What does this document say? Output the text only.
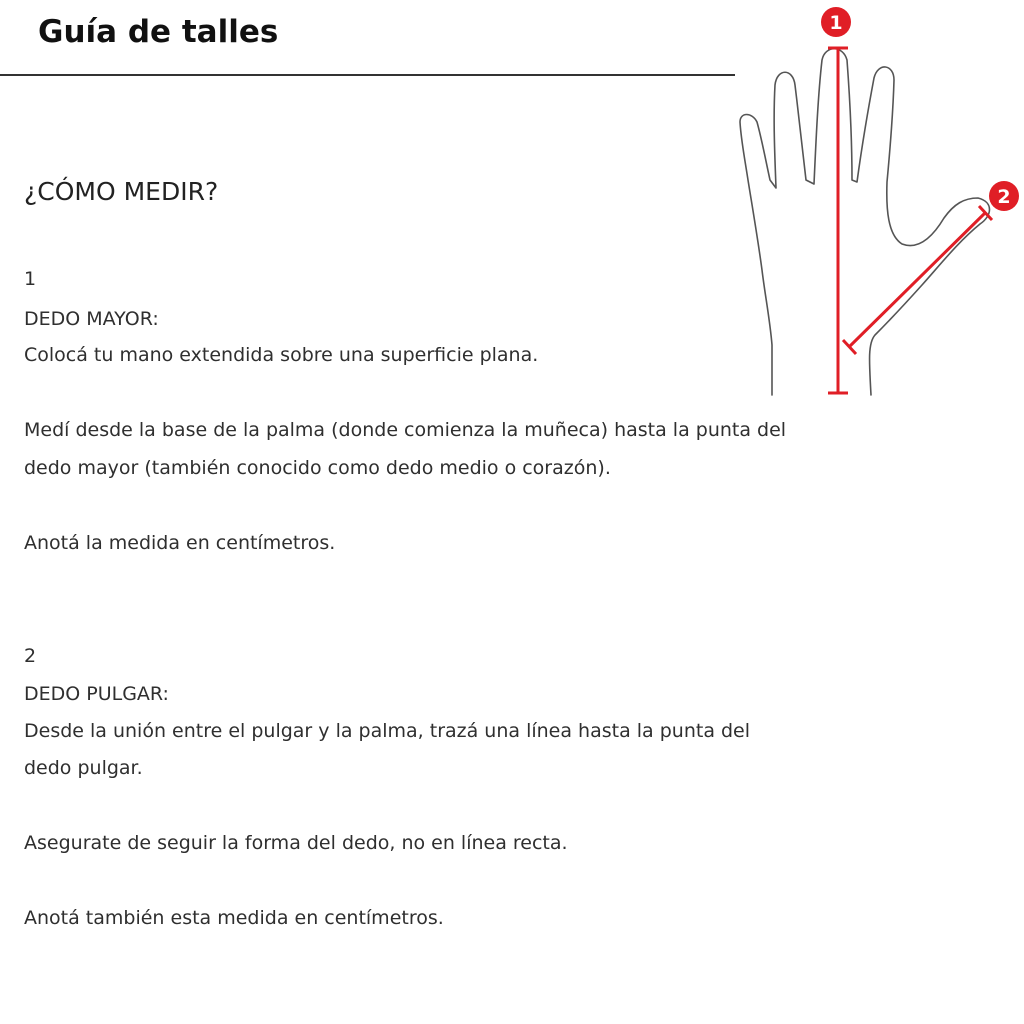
Guía de talles
¿CÓMO MEDIR?

1

DEDO MAYOR:

Colocá tu mano extendida sobre una superficie plana.

Medí desde la base de la palma (donde comienza la muñeca) hasta la punta del

dedo mayor (también conocido como dedo medio o corazón).

Anotá la medida en centímetros.

2

DEDO PULGAR:

Desde la unión entre el pulgar y la palma, trazá una línea hasta la punta del

dedo pulgar.

Asegurate de seguir la forma del dedo, no en línea recta.

Anotá también esta medida en centímetros.

1
2
